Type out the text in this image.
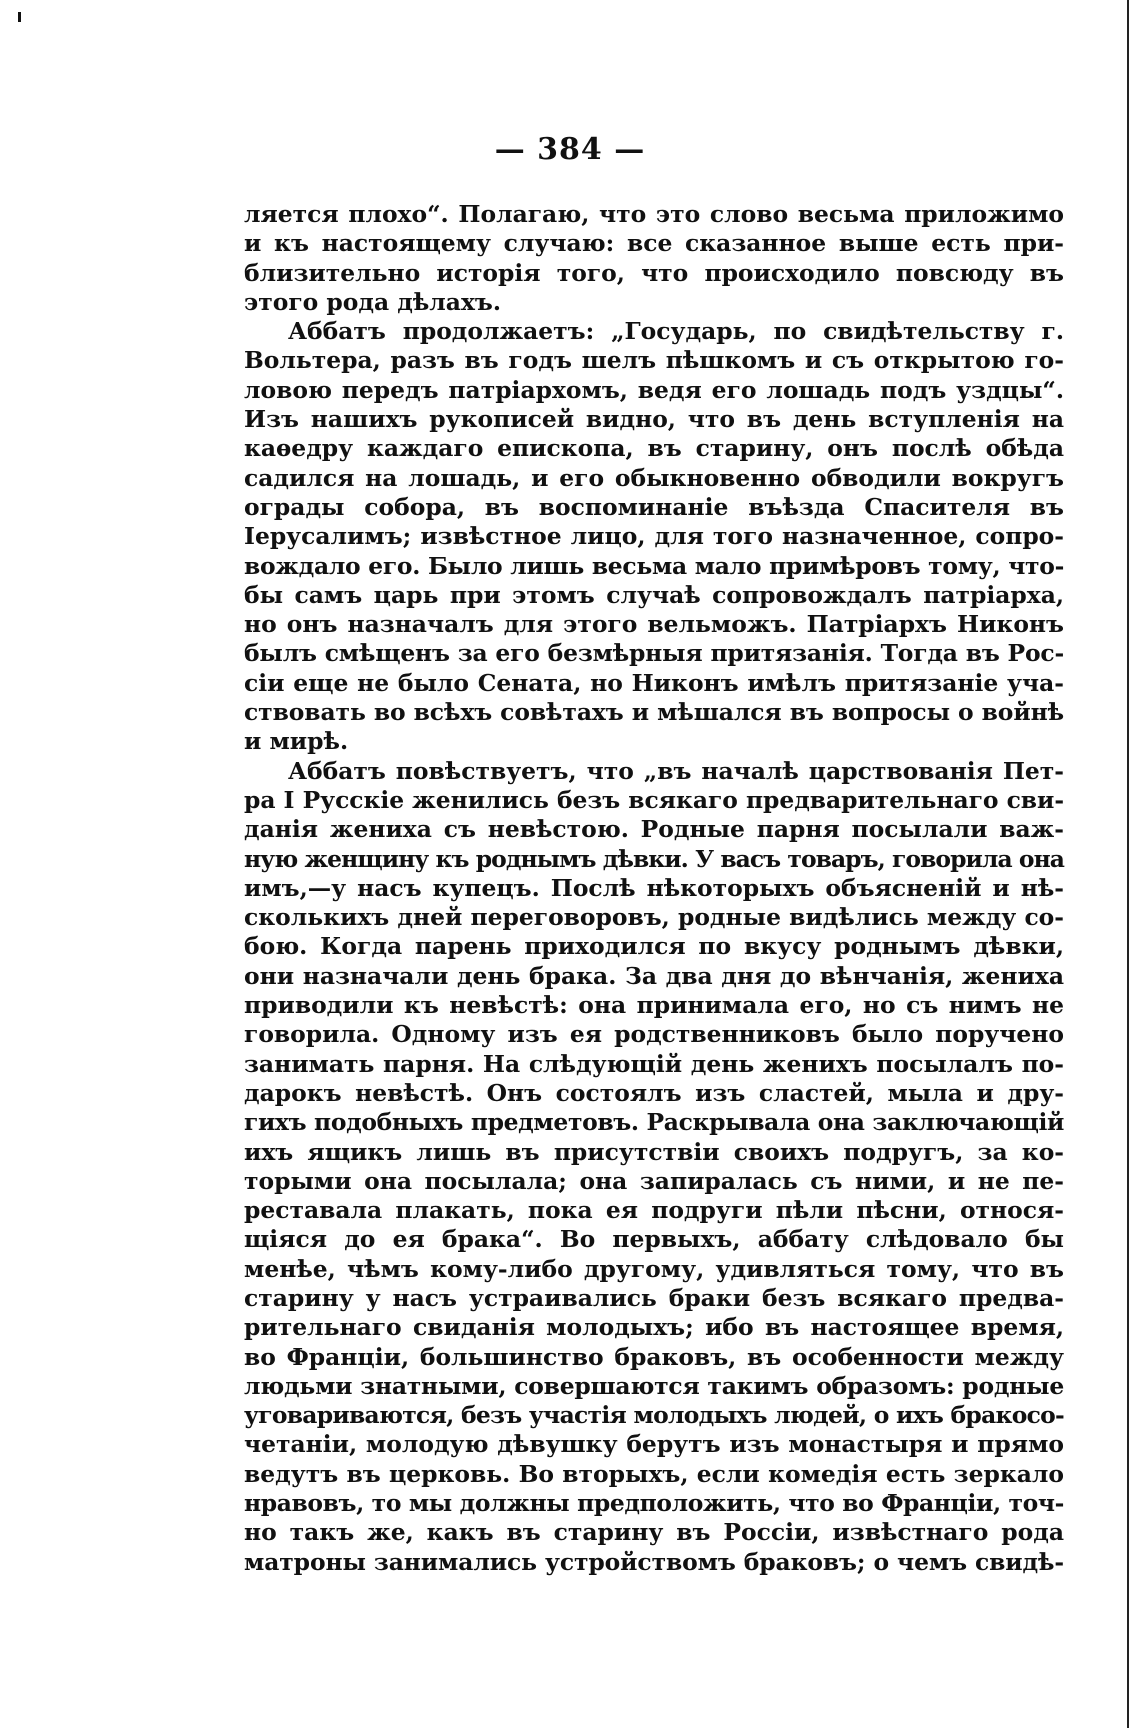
— 384 —
ляется плохо“. Полагаю, что это слово весьма приложимо
и къ настоящему случаю: все сказанное выше есть при-
близительно исторія того, что происходило повсюду въ
этого рода дѣлахъ.
Аббатъ продолжаетъ: „Государь, по свидѣтельству г.
Вольтера, разъ въ годъ шелъ пѣшкомъ и съ открытою го-
ловою передъ патріархомъ, ведя его лошадь подъ уздцы“.
Изъ нашихъ рукописей видно, что въ день вступленія на
каѳедру каждаго епископа, въ старину, онъ послѣ обѣда
садился на лошадь, и его обыкновенно обводили вокругъ
ограды собора, въ воспоминаніе въѣзда Спасителя въ
Іерусалимъ; извѣстное лицо, для того назначенное, сопро-
вождало его. Было лишь весьма мало примѣровъ тому, что-
бы самъ царь при этомъ случаѣ сопровождалъ патріарха,
но онъ назначалъ для этого вельможъ. Патріархъ Никонъ
былъ смѣщенъ за его безмѣрныя притязанія. Тогда въ Рос-
сіи еще не было Сената, но Никонъ имѣлъ притязаніе уча-
ствовать во всѣхъ совѣтахъ и мѣшался въ вопросы о войнѣ
и мирѣ.
Аббатъ повѣствуетъ, что „въ началѣ царствованія Пет-
ра I Русскіе женились безъ всякаго предварительнаго сви-
данія жениха съ невѣстою. Родные парня посылали важ-
ную женщину къ роднымъ дѣвки. У васъ товаръ, говорила она
имъ,—у насъ купецъ. Послѣ нѣкоторыхъ объясненій и нѣ-
сколькихъ дней переговоровъ, родные видѣлись между со-
бою. Когда парень приходился по вкусу роднымъ дѣвки,
они назначали день брака. За два дня до вѣнчанія, жениха
приводили къ невѣстѣ: она принимала его, но съ нимъ не
говорила. Одному изъ ея родственниковъ было поручено
занимать парня. На слѣдующій день женихъ посылалъ по-
дарокъ невѣстѣ. Онъ состоялъ изъ сластей, мыла и дру-
гихъ подобныхъ предметовъ. Раскрывала она заключающій
ихъ ящикъ лишь въ присутствіи своихъ подругъ, за ко-
торыми она посылала; она запиралась съ ними, и не пе-
реставала плакать, пока ея подруги пѣли пѣсни, относя-
щіяся до ея брака“. Во первыхъ, аббату слѣдовало бы
менѣе, чѣмъ кому-либо другому, удивляться тому, что въ
старину у насъ устраивались браки безъ всякаго предва-
рительнаго свиданія молодыхъ; ибо въ настоящее время,
во Франціи, большинство браковъ, въ особенности между
людьми знатными, совершаются такимъ образомъ: родные
уговариваются, безъ участія молодыхъ людей, о ихъ бракосо-
четаніи, молодую дѣвушку берутъ изъ монастыря и прямо
ведутъ въ церковь. Во вторыхъ, если комедія есть зеркало
нравовъ, то мы должны предположить, что во Франціи, точ-
но такъ же, какъ въ старину въ Россіи, извѣстнаго рода
матроны занимались устройствомъ браковъ; о чемъ свидѣ-
